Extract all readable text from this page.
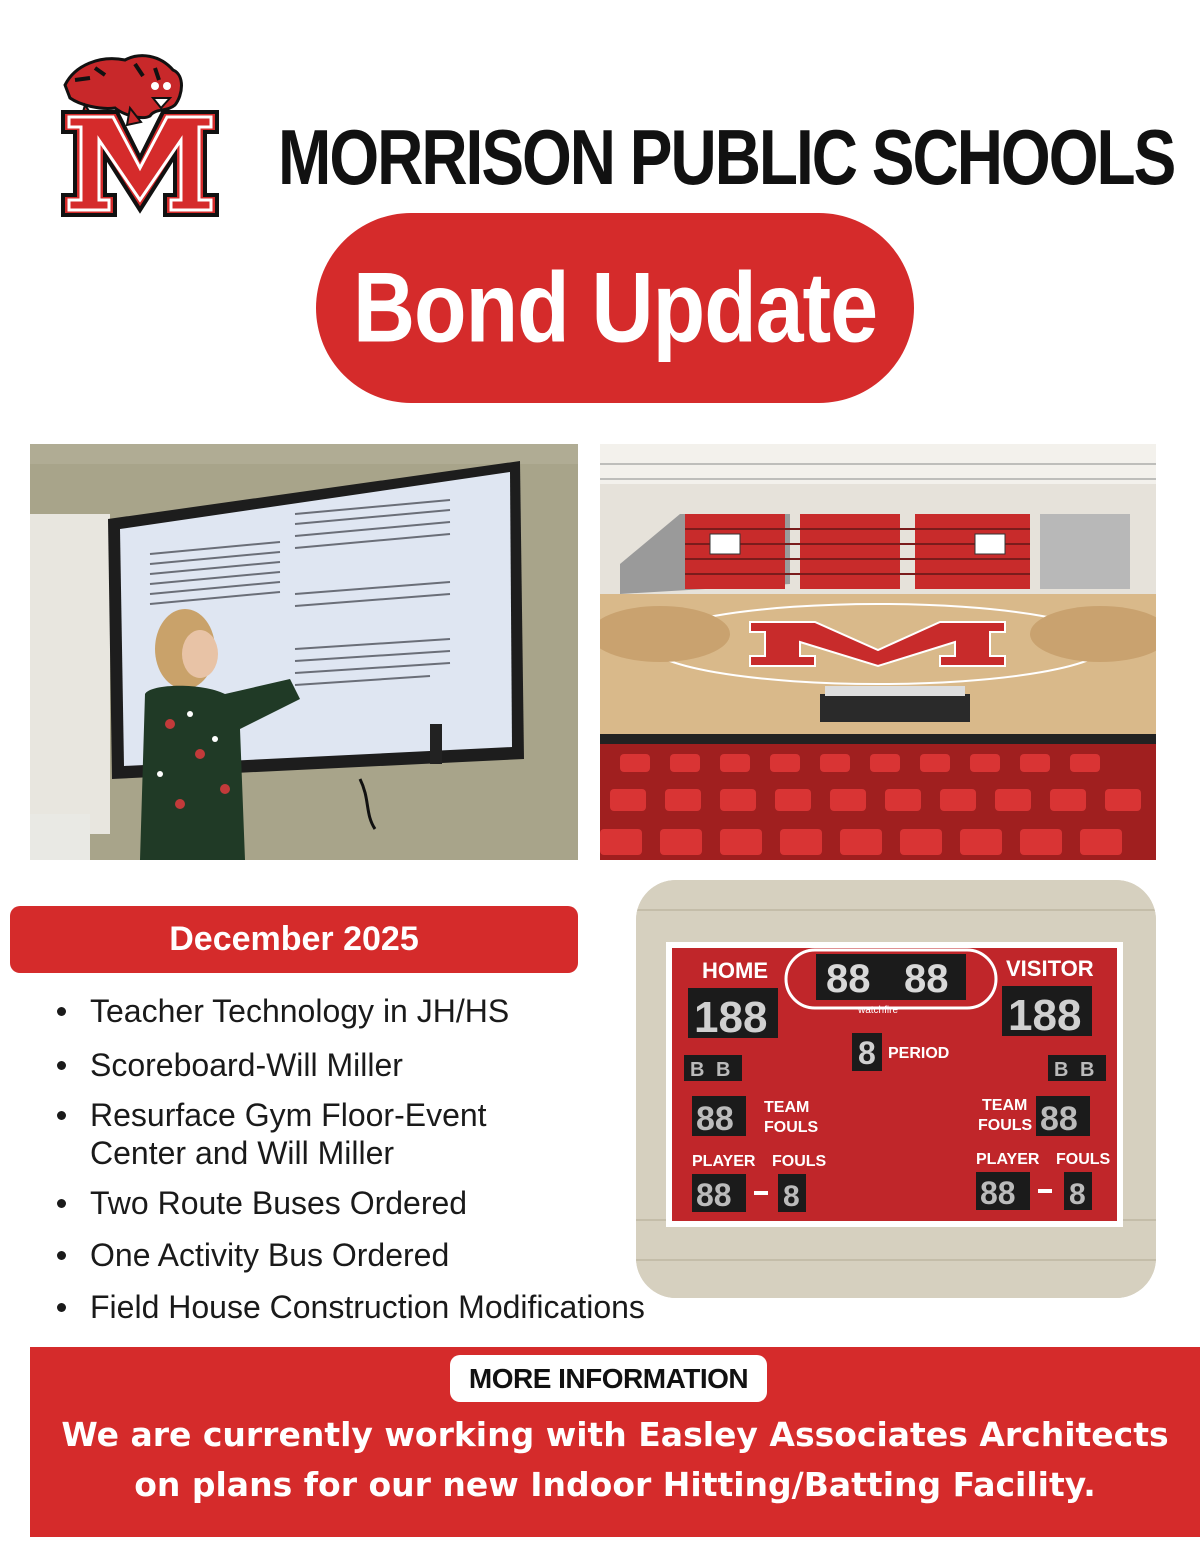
MORRISON PUBLIC SCHOOLS
Bond Update
December 2025
Teacher Technology in JH/HS
Scoreboard-Will Miller
Resurface Gym Floor-Event Center and Will Miller
Two Route Buses Ordered
One Activity Bus Ordered
Field House Construction Modifications
88 88
watchfire
HOME	VISITOR
188	188
8 PERIOD
B B	B B
88 TEAM
FOULS	88
TEAM
FOULS
PLAYER FOULS
88 8
PLAYER FOULS
88 8
MORE INFORMATION
We are currently working with Easley Associates Architects on plans for our new Indoor Hitting/Batting Facility.
